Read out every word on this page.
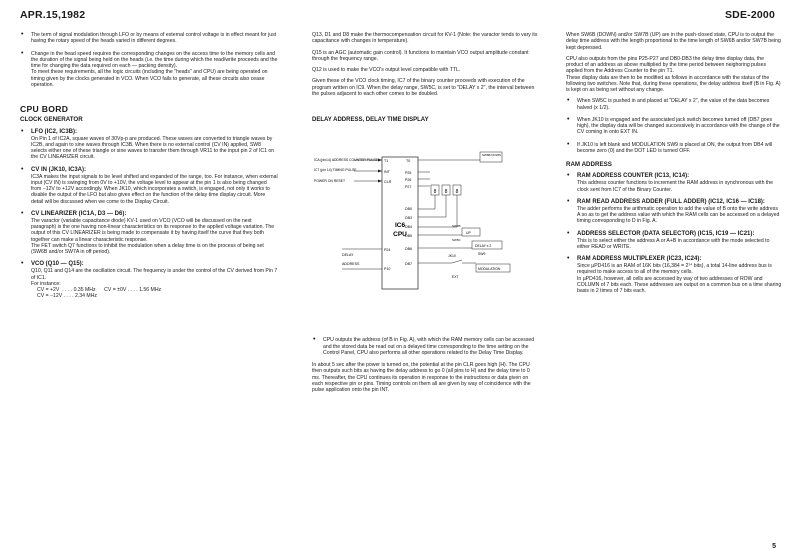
APR.15,1982	SDE-2000

• The term of signal modulation through LFO or by means of external control voltage is in effect meant for just having the rotary speed of the heads varied in different degrees.

• Change in the head speed requires the corresponding changes on the access time to the memory cells and the duration of the signal being held on the heads (i.e. the time during which the read/write proceeds and the time for changing the data required on each — packing density).

To meet these requirements, all the logic circuits (including the "heads" and CPU) are being operated on timing given by the clocks generated in VCO. When VCO fails to generate, all these circuits also cease operation.

CPU BORD
CLOCK GENERATOR

• LFO (IC2, IC3B):

On Pin 1 of IC2A, square waves of 30Vp-p are produced. These waves are converted to triangle waves by IC2B, and again to sine waves through IC3B. When there is no external control (CV IN) applied, SW8 selects either one of these triangle or sine waves to transfer them through VR11 to the input pin 2 of IC1 on the CV LINEARIZER circuit.

• CV IN (JK10, IC3A):

IC3A makes the input signals to be level shifted and expanded of the range, too. For instance, when external input (CV IN) is swinging from 0V to +10V, the voltage level to appear at the pin 1 is also being changed from −12V to +12V accordingly. When JK10, which incorporates a switch, is engaged, not only it works to disable the output of the LFO but also gives effect on the function of the delay time display circuit. More detail will be discussed when we come to the Display Circuit.

• CV LINEARIZER (IC1A, D3 — D6):

The varactor (variable capacitance diode) KV-1 used on VCO (VCO will be discussed on the next paragraph) is the one having non-linear characteristics on its response to the applied voltage variation. The output of this CV LINEARIZER is being made to compensate it by having itself the curve that they both together can make a linear characteristic response.

The FET switch Q7 functions to inhibit the modulation when a delay time is on the process of being set (SW6B and/or SW7A in off period).

• VCO (Q10 — Q15):

Q10, Q11 and Q14 are the oscillation circuit. The frequency is under the control of the CV derived from Pin 7 of IC1.

For instance:

CV = +2V  . . . . 0.35 MHz      CV = ±0V . . . . 1.56 MHz

CV = −12V . . . . 2.34 MHz

Q13, D1 and D8 make the thermocompensation circuit for KV-1 (Note: the varactor tends to vary its capacitance with changes in temperature).

Q15 is an AGC (automatic gain control). It functions to maintain VCO output amplitude constant through the frequency range.

Q12 is used to make the VCO's output level compatible with TTL.

Given these of the VCO clock timing, IC7 of the binary counter proceeds with execution of the program written on IC9. When the delay range, SW5C, is set to "DELAY x 2", the interval between the pulses adjacent to each other comes to be doubled.

DELAY ADDRESS, DELAY TIME DISPLAY
IC6
CPU
ICA (pin14) ADDRESS COUNTER PULSE
IC7 (pin 14) TIMING PULSE
POWER ON RESET
T1
INT
CLR
P24
P10
DELAY
ADDRESS
T0
P25
P26
P27
DB0
DB3
DB4
DB5
DB6
DB7
SW6B DOWN
8 8 8
UP
SW7B
DELAY x 2
SW5C
JK10	SW9
MODULATION
EXT

• CPU outputs the address (of B in Fig. A), with which the RAM memory cells can be accessed and the stored data be read out on a delayed time corresponding to the time setting on the Control Panel, CPU also performs all other operations related to the Delay Time Display.

In about 5 sec after the power is turned on, the potential at the pin CLR goes high (H). The CPU then outputs such bits as having the delay address to go 0 (all pins to H) and the delay time to 0 ms. Thereafter, the CPU continues its operation in response to the instructions or data given on each respective pin or pins. Timing controls on them all are given by way of coincidence with the pulse application onto the pin INT.

When SW6B (DOWN) and/or SW7B (UP) are in the push-closed state, CPU is to output the delay time address with the length proportional to the time length of SW6B and/or SW7B being kept depressed.

CPU also outputs from the pins P25-P27 and DB0-DB3 the delay time display data, the product of an address as above multiplied by the time period between neighoring pulses applied from the Address Counter to the pin T1.

These display data are then to be modified as follows in accordance with the status of the following two switches. Note that, during these operations, the delay address itself (B in Fig. A) is kept on as being set without any change.

• When SW5C is pushed in and placed at "DELAY x 2", the value of the data becomes halved (x 1/2).

• When JK10 is engaged and the associated jack switch becomes turned off (DB7 goes high), the display data will be changed successively in accordance with the change of the CV coming in onto EXT IN.

• If JK10 is left blank and MODULATION SW9 is placed at ON, the output from DB4 will become zero (0) and the DOT LED is turned OFF.

RAM ADDRESS

• RAM ADDRESS COUNTER (IC13, IC14):

This address counter functions to increment the RAM address in synchronous with the clock sent from IC7 of the Binary Counter.

• RAM READ ADDRESS ADDER (FULL ADDER) (IC12, IC16 — IC18):

The adder performs the arithmatic operation to add the value of B onto the write address A so as to get the address value with which the RAM cells can be accessed on a delayed timing corresponding to D in Fig. A.

• ADDRESS SELECTOR (DATA SELECTOR) (IC15, IC19 — IC21):

This is to select either the address A or A+B in accordance with the mode selected to either READ or WRITE.

• RAM ADDRESS MULTIPLEXER (IC23, IC24):

Since µPD416 is an RAM of 16K bits (16,384 = 2¹⁴ bits), a total 14-line address bus is required to make access to all of the memory cells.

In µPD416, however, all cells are accessed by way of two addresses of ROW and COLUMN of 7 bits each. These addresses are output on a common bus on a time sharing basis in 2 times of 7 bits each.

5
